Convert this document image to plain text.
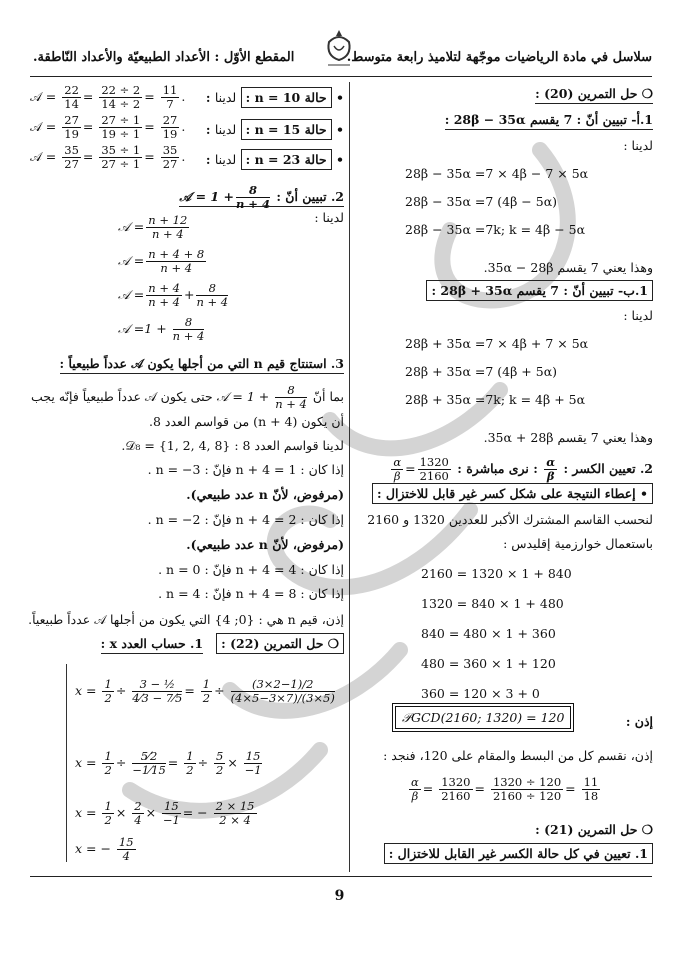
سلاسل في مادة الرياضيات موجّهة لتلاميذ رابعة متوسط.
المقطع الأوّل : الأعداد الطبيعيّة والأعداد النّاطقة.
❍ حل التمرين (20) :
1.أ- تبيين أنّ : 7 يقسم 28β − 35α :
لدينا :
28β − 35α =7 × 4β − 7 × 5α
28β − 35α =7 (4β − 5α)
28β − 35α =7k; k = 4β − 5α
وهذا يعني 7 يقسم 35α − 28β.
1.ب- تبيين أنّ : 7 يقسم 28β + 35α :
لدينا :
28β + 35α =7 × 4β + 7 × 5α
28β + 35α =7 (4β + 5α)
28β + 35α =7k; k = 4β + 5α
وهذا يعني 7 يقسم 35α + 28β.
2. تعيين الكسر :
$\frac{\alpha}{\beta}$
: نرى مباشرة :
$\frac{\alpha}{\beta} = \frac{1320}{2160}$
• إعطاء النتيجة على شكل كسر غير قابل للاختزال :
لنحسب القاسم المشترك الأكبر للعددين 1320 و 2160
باستعمال خوارزمية إقليدس :
2160 = 1320 × 1 + 840
1320 = 840 × 1 + 480
840 = 480 × 1 + 360
480 = 360 × 1 + 120
360 = 120 × 3 + 0
إذن :
𝒫GCD(2160; 1320) = 120
إذن، نقسم كل من البسط والمقام على 120، فنجد :
$\frac{\alpha}{\beta} = \frac{1320}{2160} = \frac{1320 \div 120}{2160 \div 120} = \frac{11}{18}$
❍ حل التمرين (21) :
1. تعيين في كل حالة الكسر غير القابل للاختزال :
• حالة n = 10 : لدينا :
𝒜 = $\frac{22}{14} = \frac{22 \div 2}{14 \div 2} = \frac{11}{7}$ .
• حالة n = 15 : لدينا :
𝒜 = $\frac{27}{19} = \frac{27 \div 1}{19 \div 1} = \frac{27}{19}$ .
• حالة n = 23 : لدينا :
𝒜 = $\frac{35}{27} = \frac{35 \div 1}{27 \div 1} = \frac{35}{27}$ .
2. تبيين أنّ : 𝒜 = $1 + \frac{8}{n + 4}$
لدينا :
𝒜 = $\frac{n + 12}{n + 4}$
𝒜 = $\frac{n + 4 + 8}{n + 4}$
𝒜 = $\frac{n + 4}{n + 4} + \frac{8}{n + 4}$
𝒜 $=1 + \frac{8}{n + 4}$
3. استنتاج قيم n التي من أجلها يكون 𝒜 عدداً طبيعياً :
بما أنّ 𝒜 = $1 + \frac{8}{n + 4}$
حتى يكون 𝒜 عدداً طبيعياً فإنّه يجب
أن يكون (n + 4) من قواسم العدد 8.
لدينا قواسم العدد 8 : 𝒟₈ = {1, 2, 4, 8}.
إذا كان : n + 4 = 1 فإنّ : n = −3 .
(مرفوض، لأنّ n عدد طبيعي).
إذا كان : n + 4 = 2 فإنّ : n = −2 .
(مرفوض، لأنّ n عدد طبيعي).
إذا كان : n + 4 = 4 فإنّ : n = 0 .
إذا كان : n + 4 = 8 فإنّ : n = 4 .
إذن، قيم n هي : {0; 4} التي يكون من أجلها 𝒜 عدداً طبيعياً.
❍ حل التمرين (22) :   1. حساب العدد x :
$x = \frac{1}{2} \div \frac{\text{3 − ½}}{4⁄3 - 7⁄5} = \frac{1}{2} \div \frac{(3\times 2-1)/2}{(4\times 5-3\times 7)/(3\times 5)}$
$x = \frac{1}{2} \div \frac{5⁄2}{-1⁄15} = \frac{1}{2} \div \frac{5}{2} \times \frac{15}{-1}$
$x = \frac{1}{2} \times \frac{2}{4} \times \frac{15}{-1}$ = − $\frac{2 \times 15}{2 \times 4}$
x = − $\frac{15}{4}$
9
